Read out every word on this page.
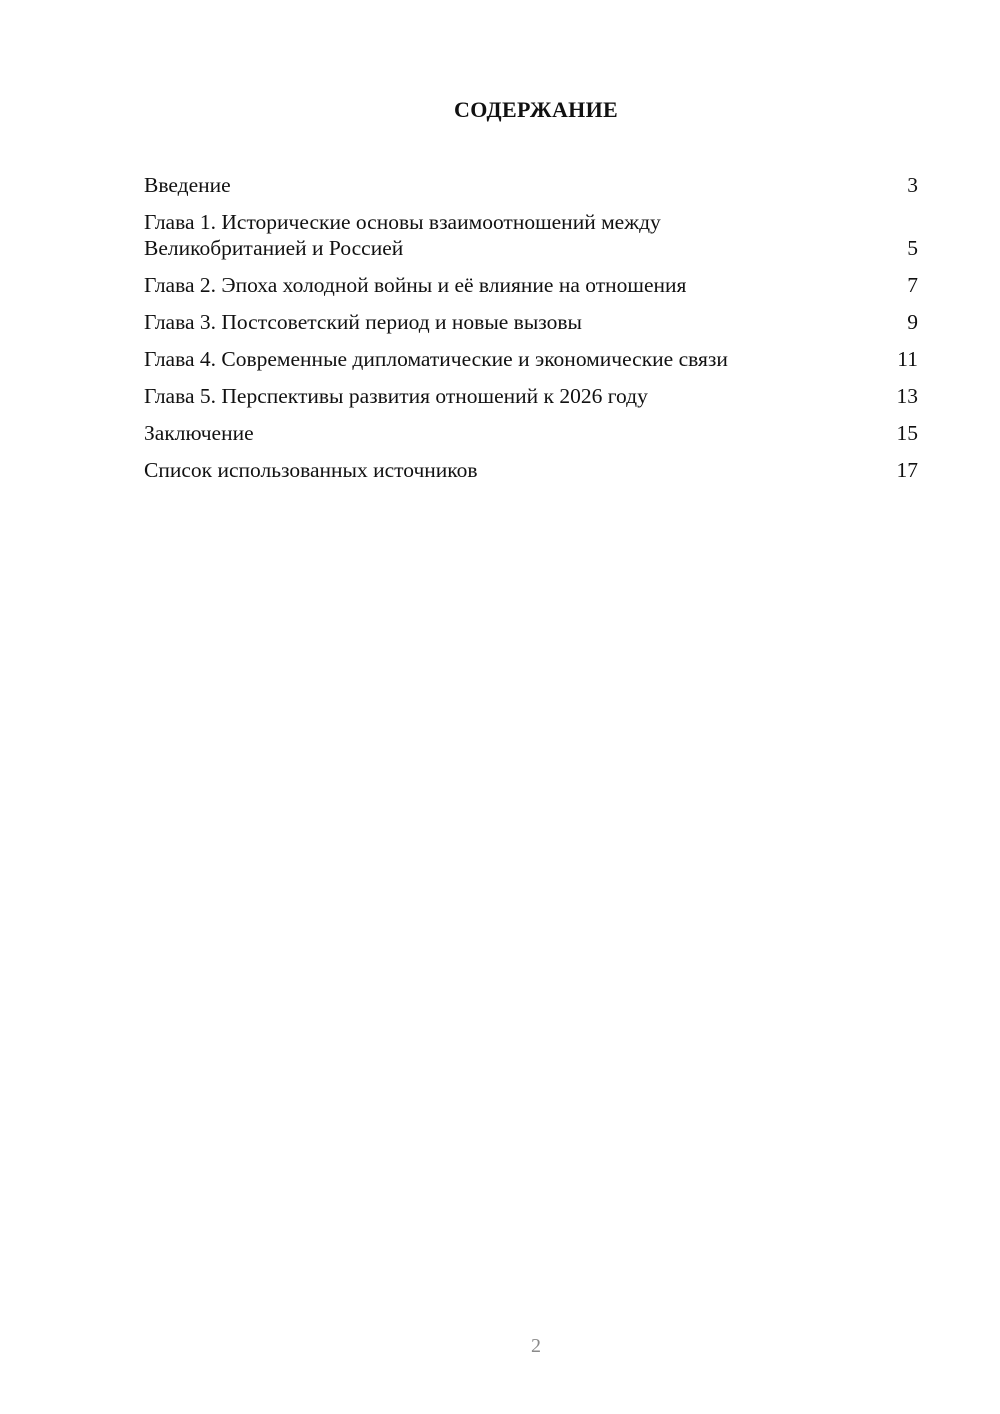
СОДЕРЖАНИЕ
Введение	3
Глава 1. Исторические основы взаимоотношений между
Великобританией и Россией	5
Глава 2. Эпоха холодной войны и её влияние на отношения	7
Глава 3. Постсоветский период и новые вызовы	9
Глава 4. Современные дипломатические и экономические связи	11
Глава 5. Перспективы развития отношений к 2026 году	13
Заключение	15
Список использованных источников	17
2
